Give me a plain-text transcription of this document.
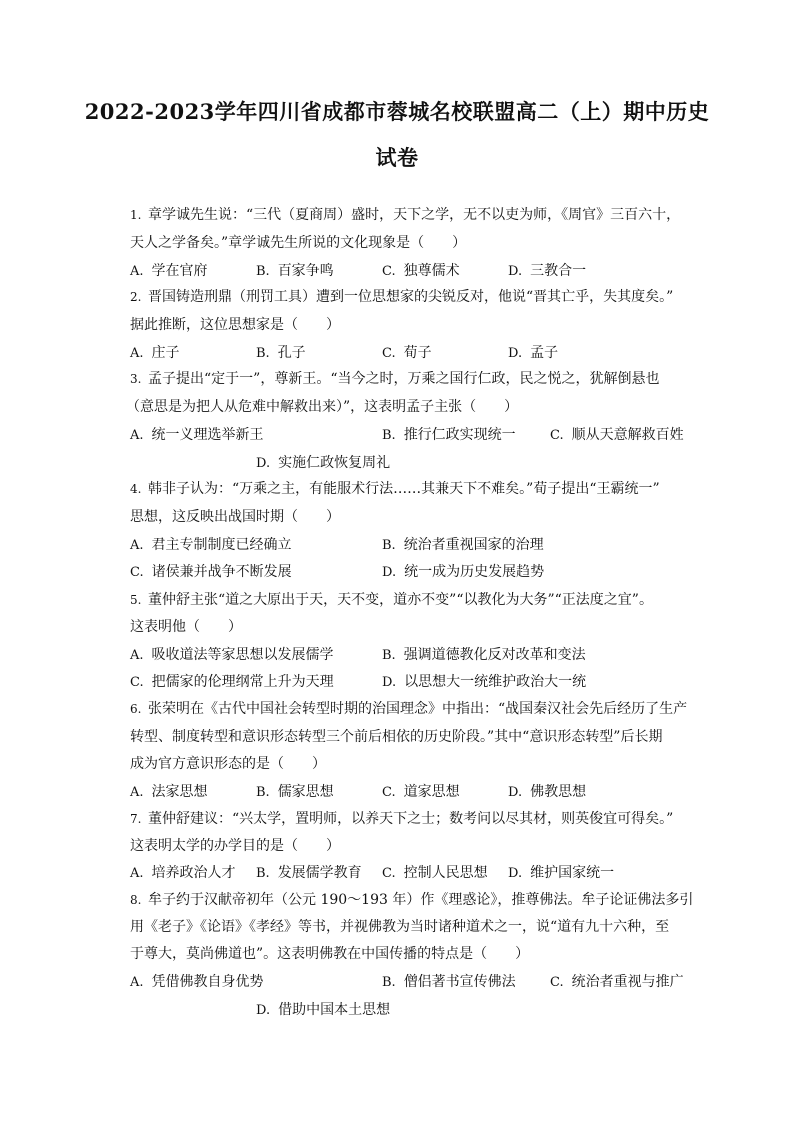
2022-2023学年四川省成都市蓉城名校联盟高二（上）期中历史
试卷
1. 章学诚先生说：“三代（夏商周）盛时，天下之学，无不以吏为师，《周官》三百六十，
天人之学备矣。”章学诚先生所说的文化现象是（　　）
A. 学在官府	B. 百家争鸣	C. 独尊儒术	D. 三教合一
2. 晋国铸造刑鼎（刑罚工具）遭到一位思想家的尖锐反对，他说“晋其亡乎，失其度矣。”
据此推断，这位思想家是（　　）
A. 庄子	B. 孔子	C. 荀子	D. 孟子
3. 孟子提出“定于一”，尊新王。“当今之时，万乘之国行仁政，民之悦之，犹解倒悬也
（意思是为把人从危难中解救出来）”，这表明孟子主张（　　）
A. 统一义理选举新王	B. 推行仁政实现统一	C. 顺从天意解救百姓
D. 实施仁政恢复周礼
4. 韩非子认为：“万乘之主，有能服术行法……其兼天下不难矣。”荀子提出“王霸统一”
思想，这反映出战国时期（　　）
A. 君主专制制度已经确立	B. 统治者重视国家的治理
C. 诸侯兼并战争不断发展	D. 统一成为历史发展趋势
5. 董仲舒主张“道之大原出于天，天不变，道亦不变”“以教化为大务”“正法度之宜”。
这表明他（　　）
A. 吸收道法等家思想以发展儒学	B. 强调道德教化反对改革和变法
C. 把儒家的伦理纲常上升为天理	D. 以思想大一统维护政治大一统
6. 张荣明在《古代中国社会转型时期的治国理念》中指出：“战国秦汉社会先后经历了生产
转型、制度转型和意识形态转型三个前后相依的历史阶段。”其中“意识形态转型”后长期
成为官方意识形态的是（　　）
A. 法家思想	B. 儒家思想	C. 道家思想	D. 佛教思想
7. 董仲舒建议：“兴太学，置明师，以养天下之士；数考问以尽其材，则英俊宜可得矣。”
这表明太学的办学目的是（　　）
A. 培养政治人才 B. 发展儒学教育 C. 控制人民思想 D. 维护国家统一
8. 牟子约于汉献帝初年（公元 190～193 年）作《理惑论》，推尊佛法。牟子论证佛法多引
用《老子》《论语》《孝经》等书，并视佛教为当时诸种道术之一，说“道有九十六种，至
于尊大，莫尚佛道也”。这表明佛教在中国传播的特点是（　　）
A. 凭借佛教自身优势	B. 僧侣著书宣传佛法	C. 统治者重视与推广
D. 借助中国本土思想
